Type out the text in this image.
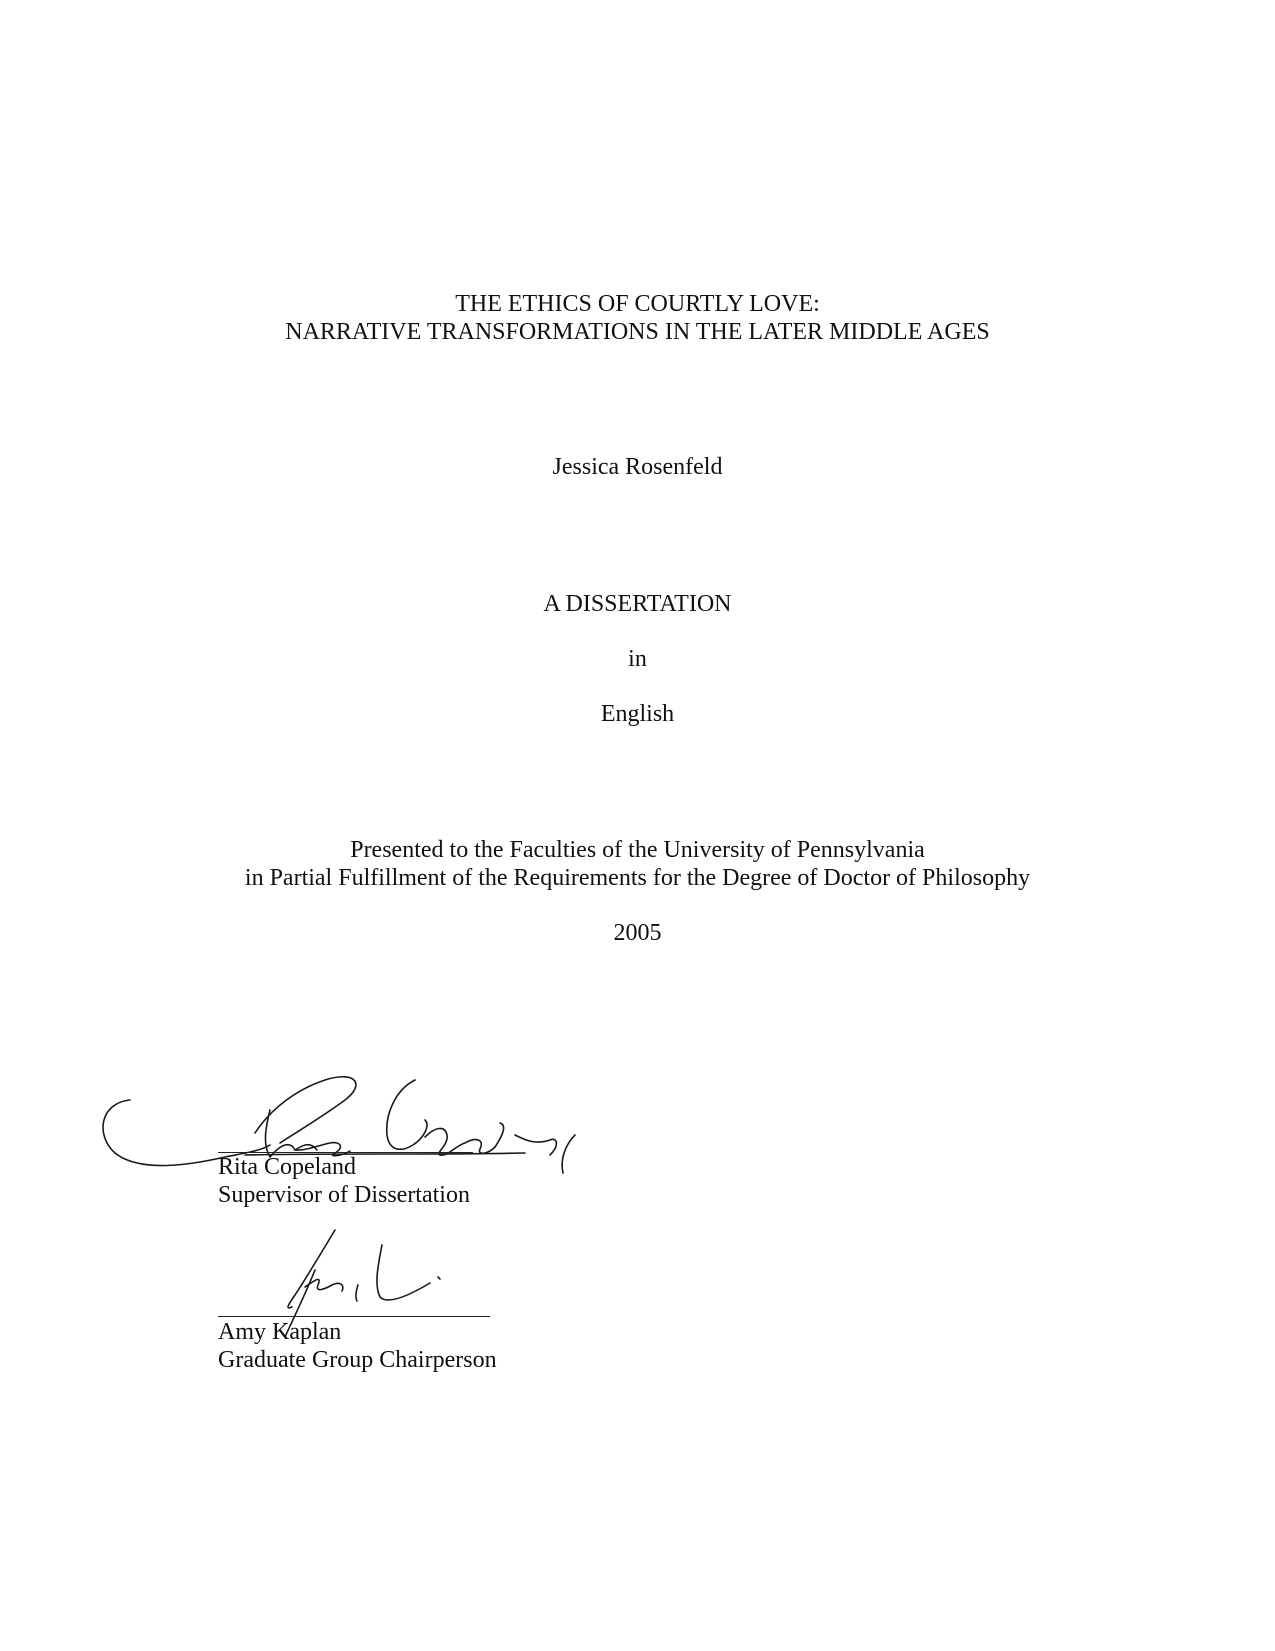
THE ETHICS OF COURTLY LOVE:
NARRATIVE TRANSFORMATIONS IN THE LATER MIDDLE AGES
Jessica Rosenfeld
A DISSERTATION
in
English
Presented to the Faculties of the University of Pennsylvania
in Partial Fulfillment of the Requirements for the Degree of Doctor of Philosophy
2005
Rita Copeland
Supervisor of Dissertation
Amy Kaplan
Graduate Group Chairperson
